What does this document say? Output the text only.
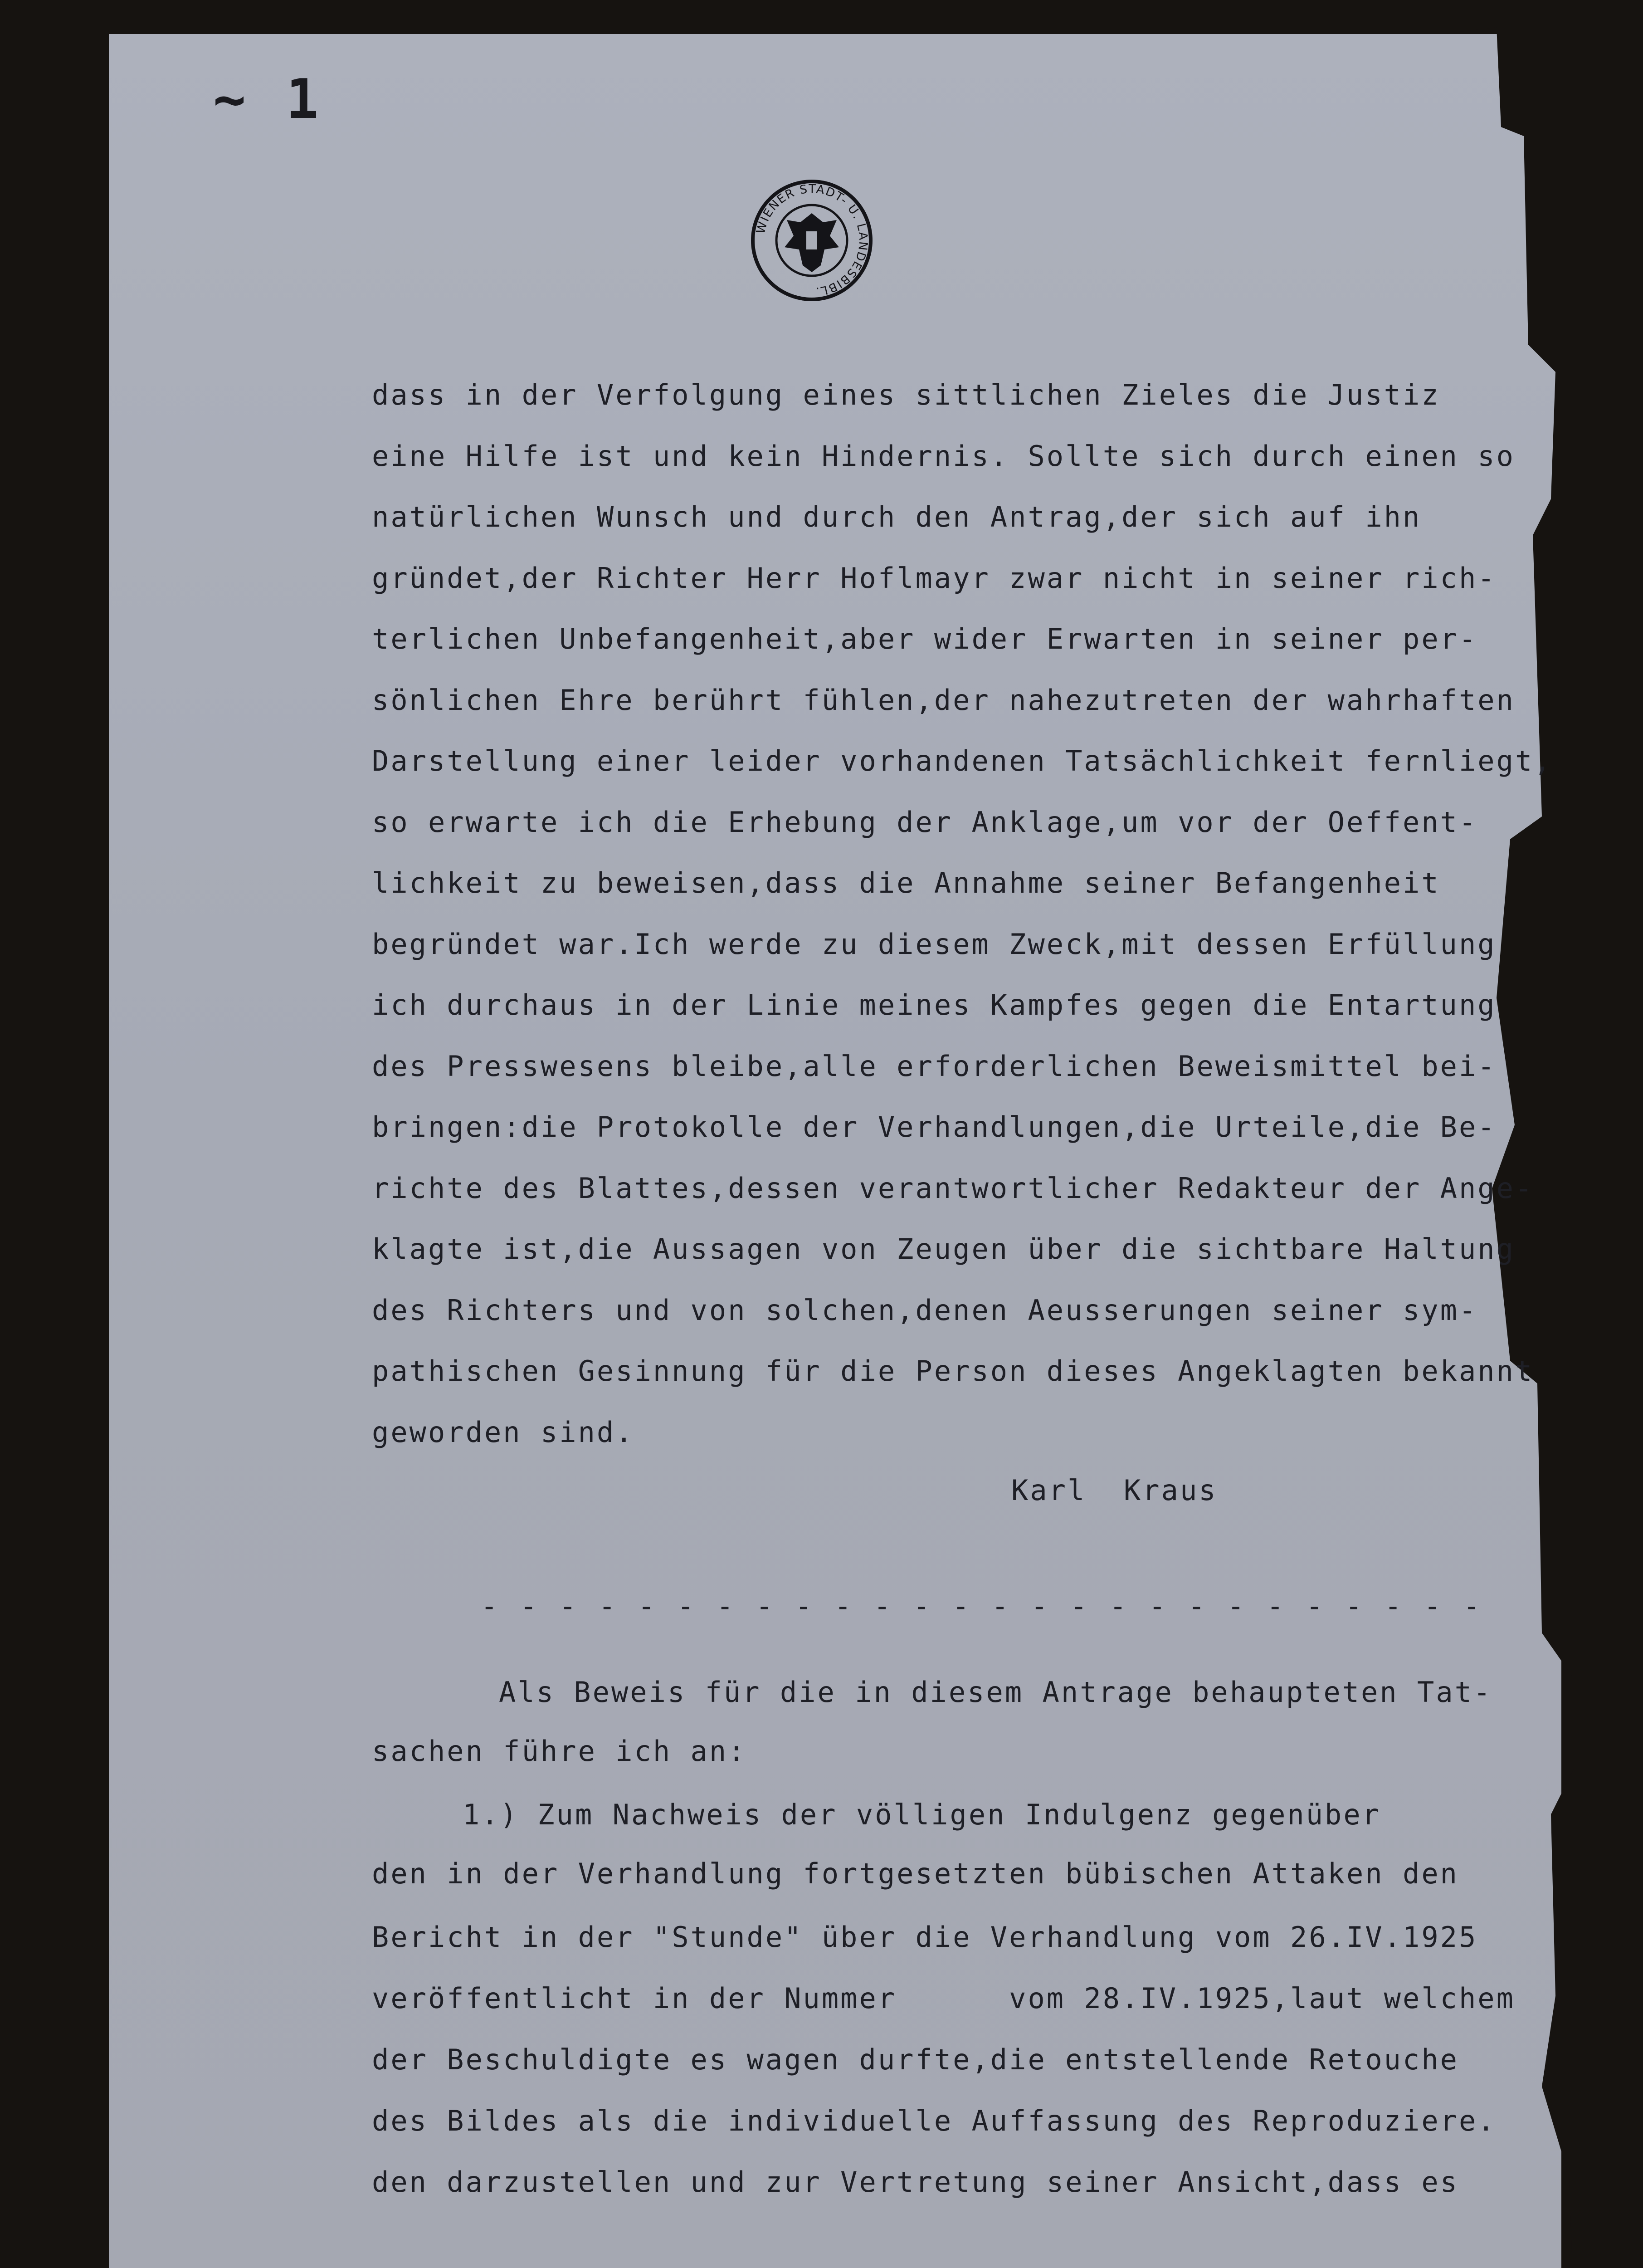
~ 1

WIENER STADT- U. LANDESBIBL.

dass in der Verfolgung eines sittlichen Zieles die Justiz

eine Hilfe ist und kein Hindernis. Sollte sich durch einen so

natürlichen Wunsch und durch den Antrag,der sich auf ihn

gründet,der Richter Herr Hoflmayr zwar nicht in seiner rich-

terlichen Unbefangenheit,aber wider Erwarten in seiner per-

sönlichen Ehre berührt fühlen,der nahezutreten der wahrhaften

Darstellung einer leider vorhandenen Tatsächlichkeit fernliegt,

so erwarte ich die Erhebung der Anklage,um vor der Oeffent-

lichkeit zu beweisen,dass die Annahme seiner Befangenheit

begründet war.Ich werde zu diesem Zweck,mit dessen Erfüllung

ich durchaus in der Linie meines Kampfes gegen die Entartung

des Presswesens bleibe,alle erforderlichen Beweismittel bei-

bringen:die Protokolle der Verhandlungen,die Urteile,die Be-

richte des Blattes,dessen verantwortlicher Redakteur der Ange-

klagte ist,die Aussagen von Zeugen über die sichtbare Haltung

des Richters und von solchen,denen Aeusserungen seiner sym-

pathischen Gesinnung für die Person dieses Angeklagten bekannt

geworden sind.

Karl  Kraus

- - - - - - - - - - - - - - - - - - - - - - - - - -

Als Beweis für die in diesem Antrage behaupteten Tat-

sachen führe ich an:

1.) Zum Nachweis der völligen Indulgenz gegenüber

den in der Verhandlung fortgesetzten bübischen Attaken den

Bericht in der "Stunde" über die Verhandlung vom 26.IV.1925

veröffentlicht in der Nummer      vom 28.IV.1925,laut welchem

der Beschuldigte es wagen durfte,die entstellende Retouche

des Bildes als die individuelle Auffassung des Reproduziere.

den darzustellen und zur Vertretung seiner Ansicht,dass es
